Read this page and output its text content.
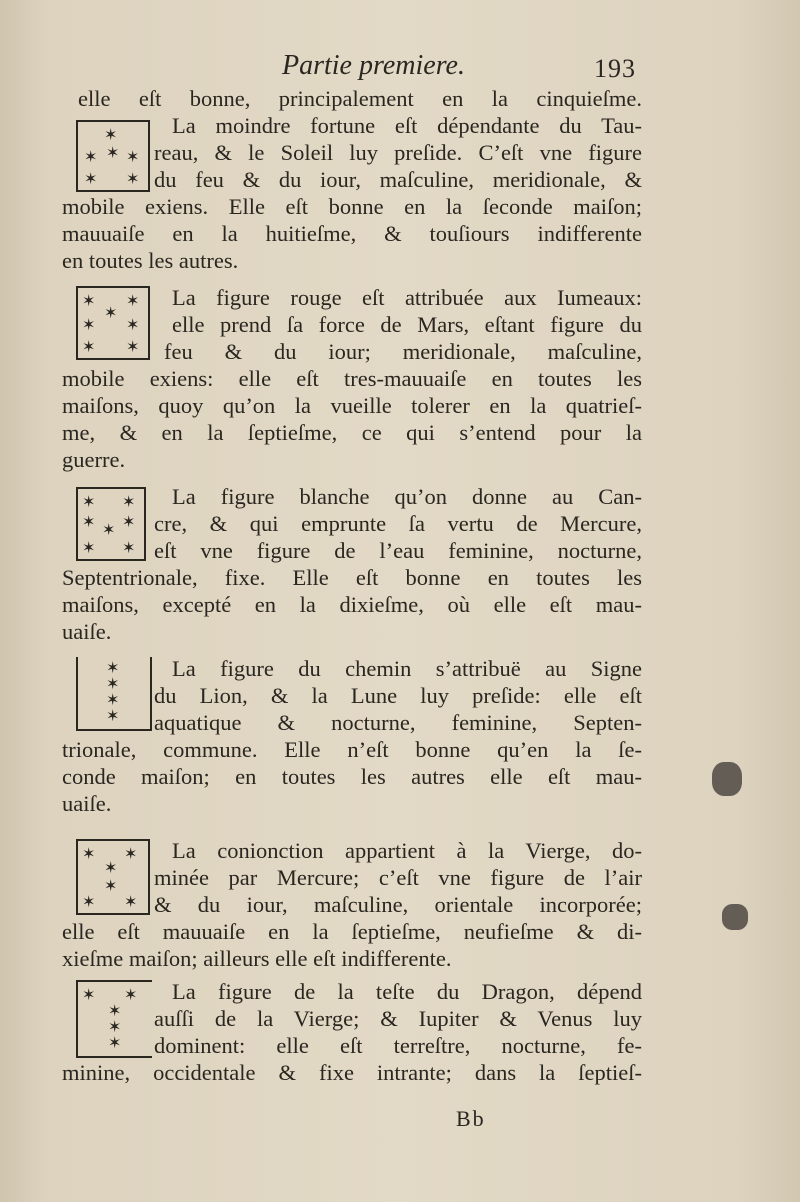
Partie premiere.	193
elle eſt bonne, principalement en la cinquieſme.
✶
✶ ✶ ✶
✶ ✶
La moindre fortune eſt dépendante du Tau-
reau, & le Soleil luy preſide. C’eſt vne figure
du feu & du iour, maſculine, meridionale, &
mobile exiens. Elle eſt bonne en la ſeconde maiſon;
mauuaiſe en la huitieſme, & touſiours indifferente
en toutes les autres.
✶ ✶
✶
✶ ✶
✶ ✶
La figure rouge eſt attribuée aux Iumeaux:
elle prend ſa force de Mars, eſtant figure du
feu & du iour; meridionale, maſculine,
mobile exiens: elle eſt tres-mauuaiſe en toutes les
maiſons, quoy qu’on la vueille tolerer en la quatrieſ-
me, & en la ſeptieſme, ce qui s’entend pour la
guerre.
✶ ✶
✶ ✶
✶
✶ ✶
La figure blanche qu’on donne au Can-
cre, & qui emprunte ſa vertu de Mercure,
eſt vne figure de l’eau feminine, nocturne,
Septentrionale, fixe. Elle eſt bonne en toutes les
maiſons, excepté en la dixieſme, où elle eſt mau-
uaiſe.
✶
✶
✶
✶
La figure du chemin s’attribuë au Signe
du Lion, & la Lune luy preſide: elle eſt
aquatique & nocturne, feminine, Septen-
trionale, commune. Elle n’eſt bonne qu’en la ſe-
conde maiſon; en toutes les autres elle eſt mau-
uaiſe.
✶ ✶
✶
✶
✶ ✶
La conionction appartient à la Vierge, do-
minée par Mercure; c’eſt vne figure de l’air
& du iour, maſculine, orientale incorporée;
elle eſt mauuaiſe en la ſeptieſme, neufieſme & di-
xieſme maiſon; ailleurs elle eſt indifferente.
✶ ✶
✶
✶
✶
La figure de la teſte du Dragon, dépend
auſſi de la Vierge; & Iupiter & Venus luy
dominent: elle eſt terreſtre, nocturne, fe-
minine, occidentale & fixe intrante; dans la ſeptieſ-
Bb
